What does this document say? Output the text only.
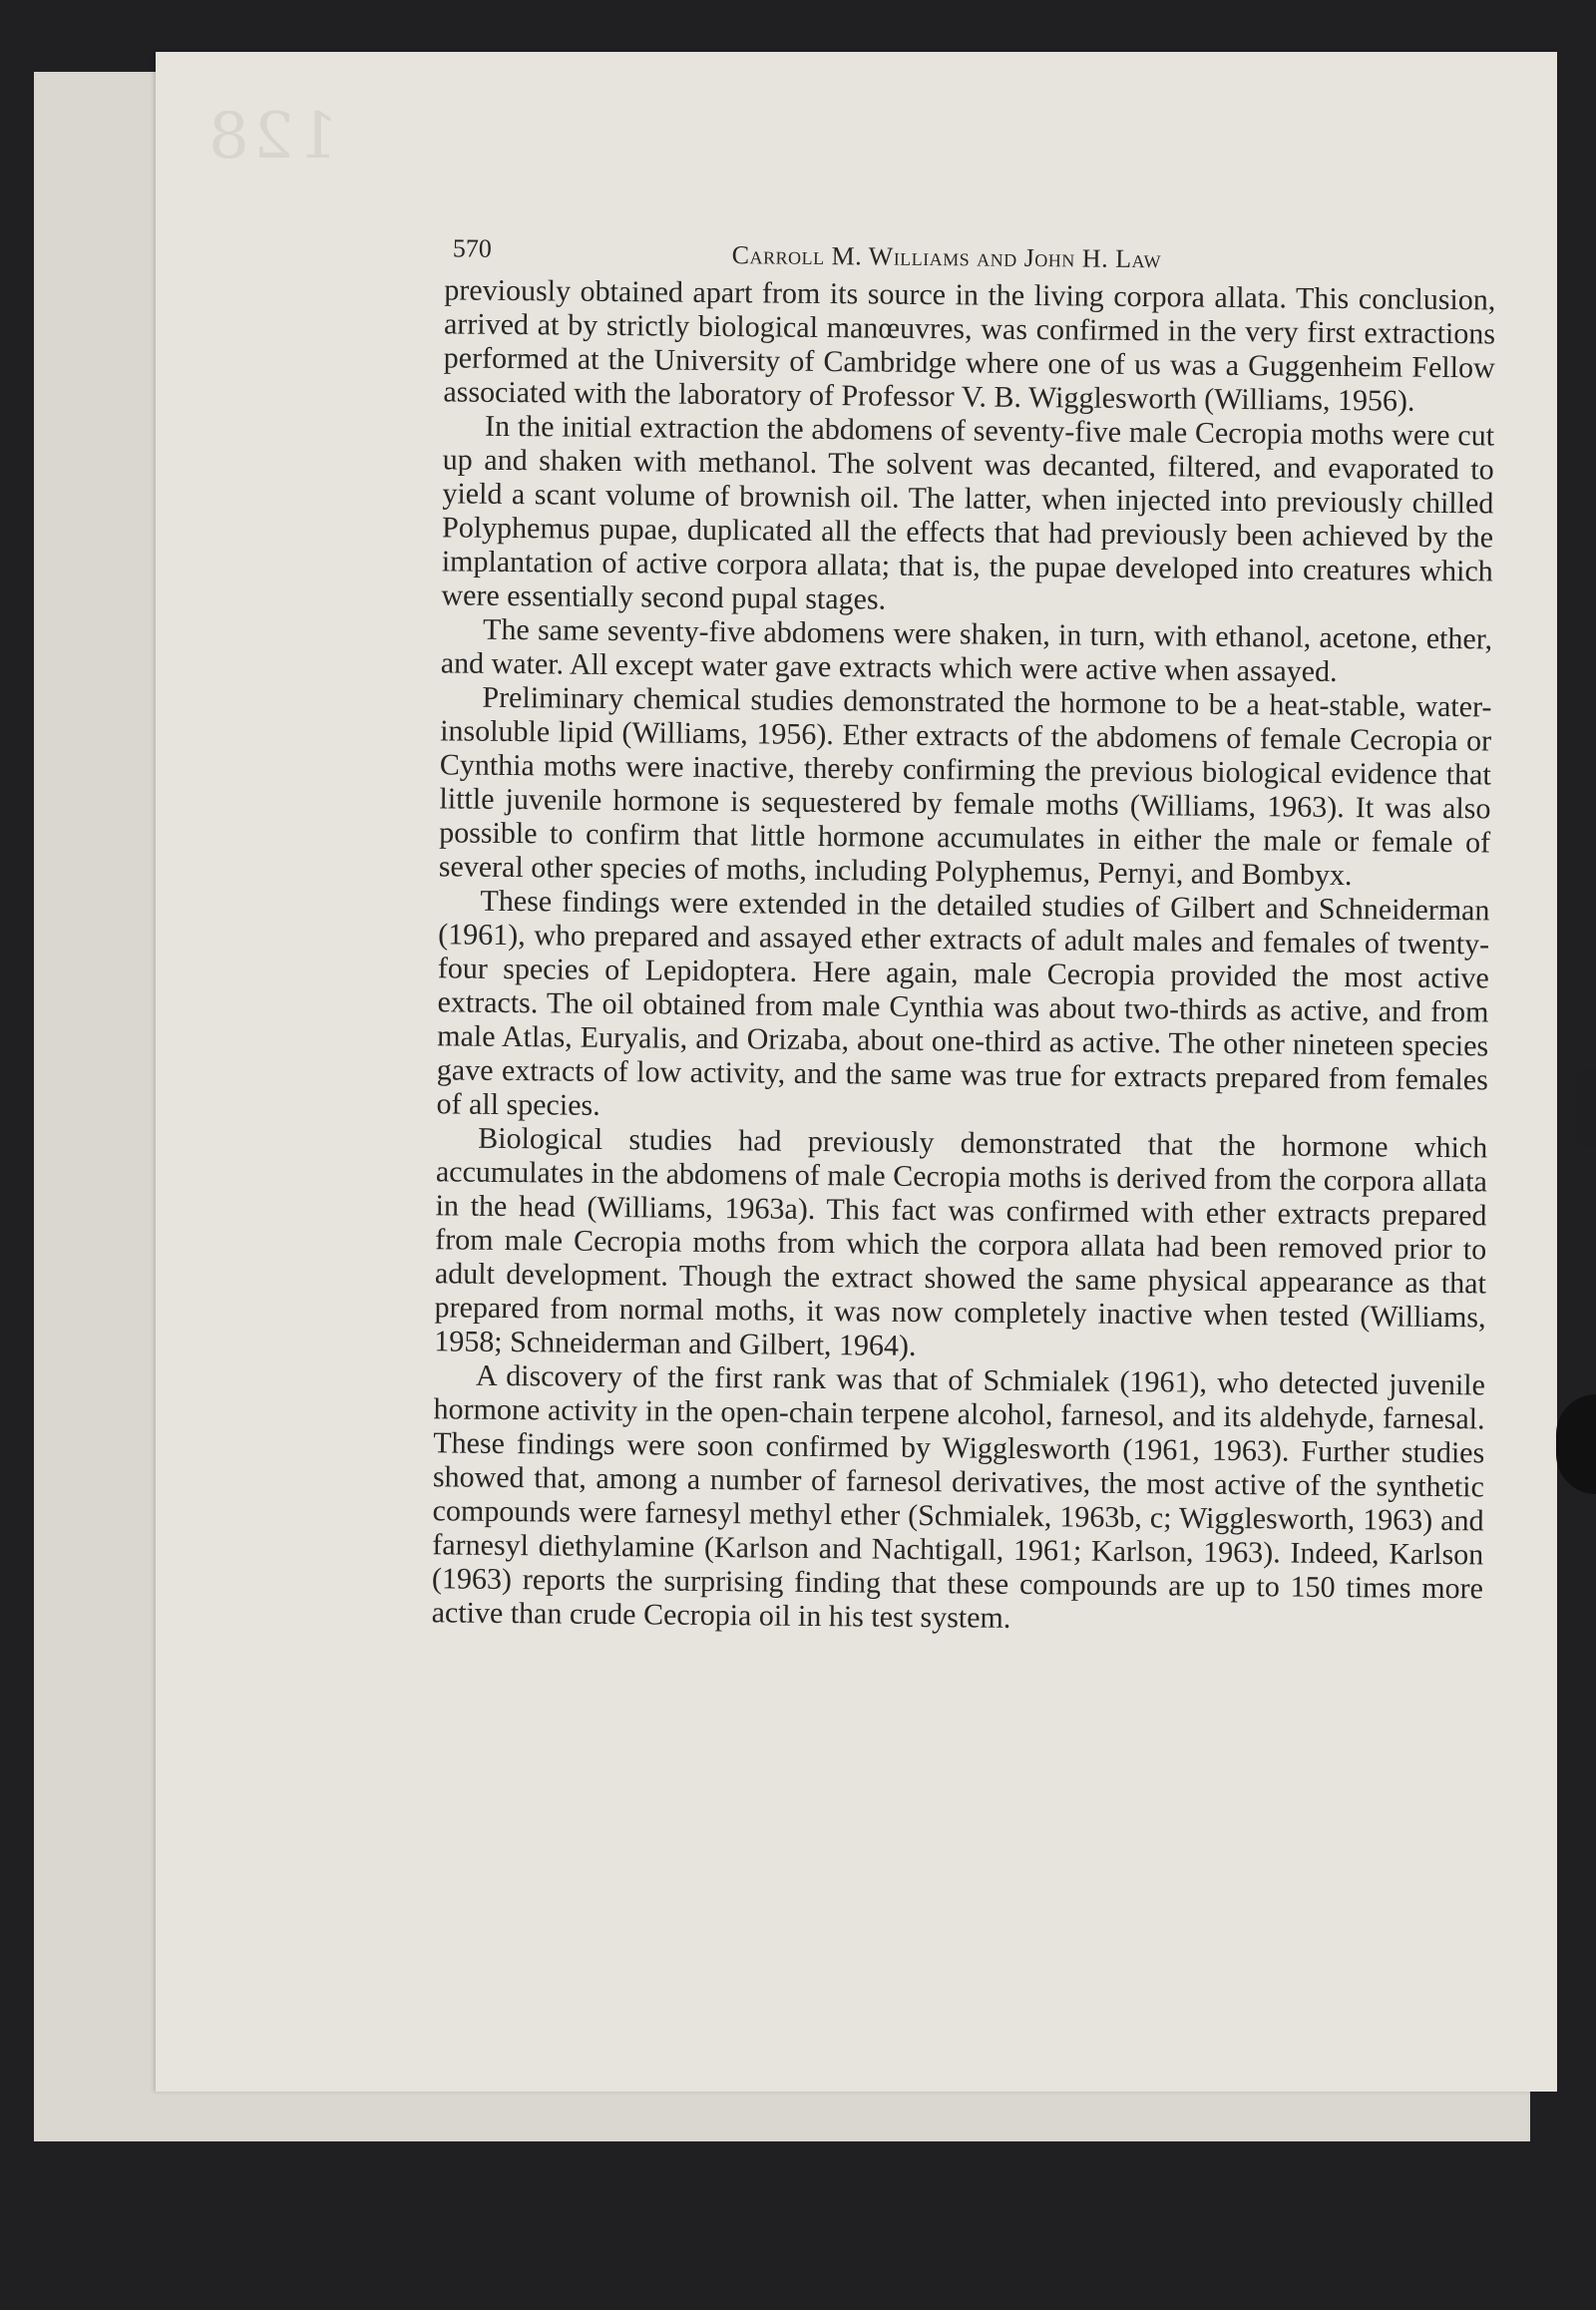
128
570	Carroll M. Williams and John H. Law

previously obtained apart from its source in the living corpora allata. This conclusion, arrived at by strictly biological manœuvres, was confirmed in the very first extractions performed at the University of Cambridge where one of us was a Guggenheim Fellow associated with the laboratory of Professor V. B. Wigglesworth (Williams, 1956).

In the initial extraction the abdomens of seventy-five male Cecropia moths were cut up and shaken with methanol. The solvent was decanted, filtered, and evaporated to yield a scant volume of brownish oil. The latter, when injected into previously chilled Polyphemus pupae, duplicated all the effects that had previously been achieved by the implantation of active corpora allata; that is, the pupae developed into creatures which were essentially second pupal stages.

The same seventy-five abdomens were shaken, in turn, with ethanol, acetone, ether, and water. All except water gave extracts which were active when assayed.

Preliminary chemical studies demonstrated the hormone to be a heat-stable, water-insoluble lipid (Williams, 1956). Ether extracts of the abdomens of female Cecropia or Cynthia moths were inactive, thereby confirming the previous biological evidence that little juvenile hormone is sequestered by female moths (Williams, 1963). It was also possible to confirm that little hormone accumulates in either the male or female of several other species of moths, including Polyphemus, Pernyi, and Bombyx.

These findings were extended in the detailed studies of Gilbert and Schneiderman (1961), who prepared and assayed ether extracts of adult males and females of twenty-four species of Lepidoptera. Here again, male Cecropia provided the most active extracts. The oil obtained from male Cynthia was about two-thirds as active, and from male Atlas, Euryalis, and Orizaba, about one-third as active. The other nineteen species gave extracts of low activity, and the same was true for extracts prepared from females of all species.

Biological studies had previously demonstrated that the hormone which accumulates in the abdomens of male Cecropia moths is derived from the corpora allata in the head (Williams, 1963a). This fact was confirmed with ether extracts prepared from male Cecropia moths from which the corpora allata had been removed prior to adult development. Though the extract showed the same physical appearance as that prepared from normal moths, it was now completely inactive when tested (Williams, 1958; Schneiderman and Gilbert, 1964).

A discovery of the first rank was that of Schmialek (1961), who detected juvenile hormone activity in the open-chain terpene alcohol, farnesol, and its aldehyde, farnesal. These findings were soon confirmed by Wigglesworth (1961, 1963). Further studies showed that, among a number of farnesol derivatives, the most active of the synthetic compounds were farnesyl methyl ether (Schmialek, 1963b, c; Wigglesworth, 1963) and farnesyl diethylamine (Karlson and Nachtigall, 1961; Karlson, 1963). Indeed, Karlson (1963) reports the surprising finding that these compounds are up to 150 times more active than crude Cecropia oil in his test system.
